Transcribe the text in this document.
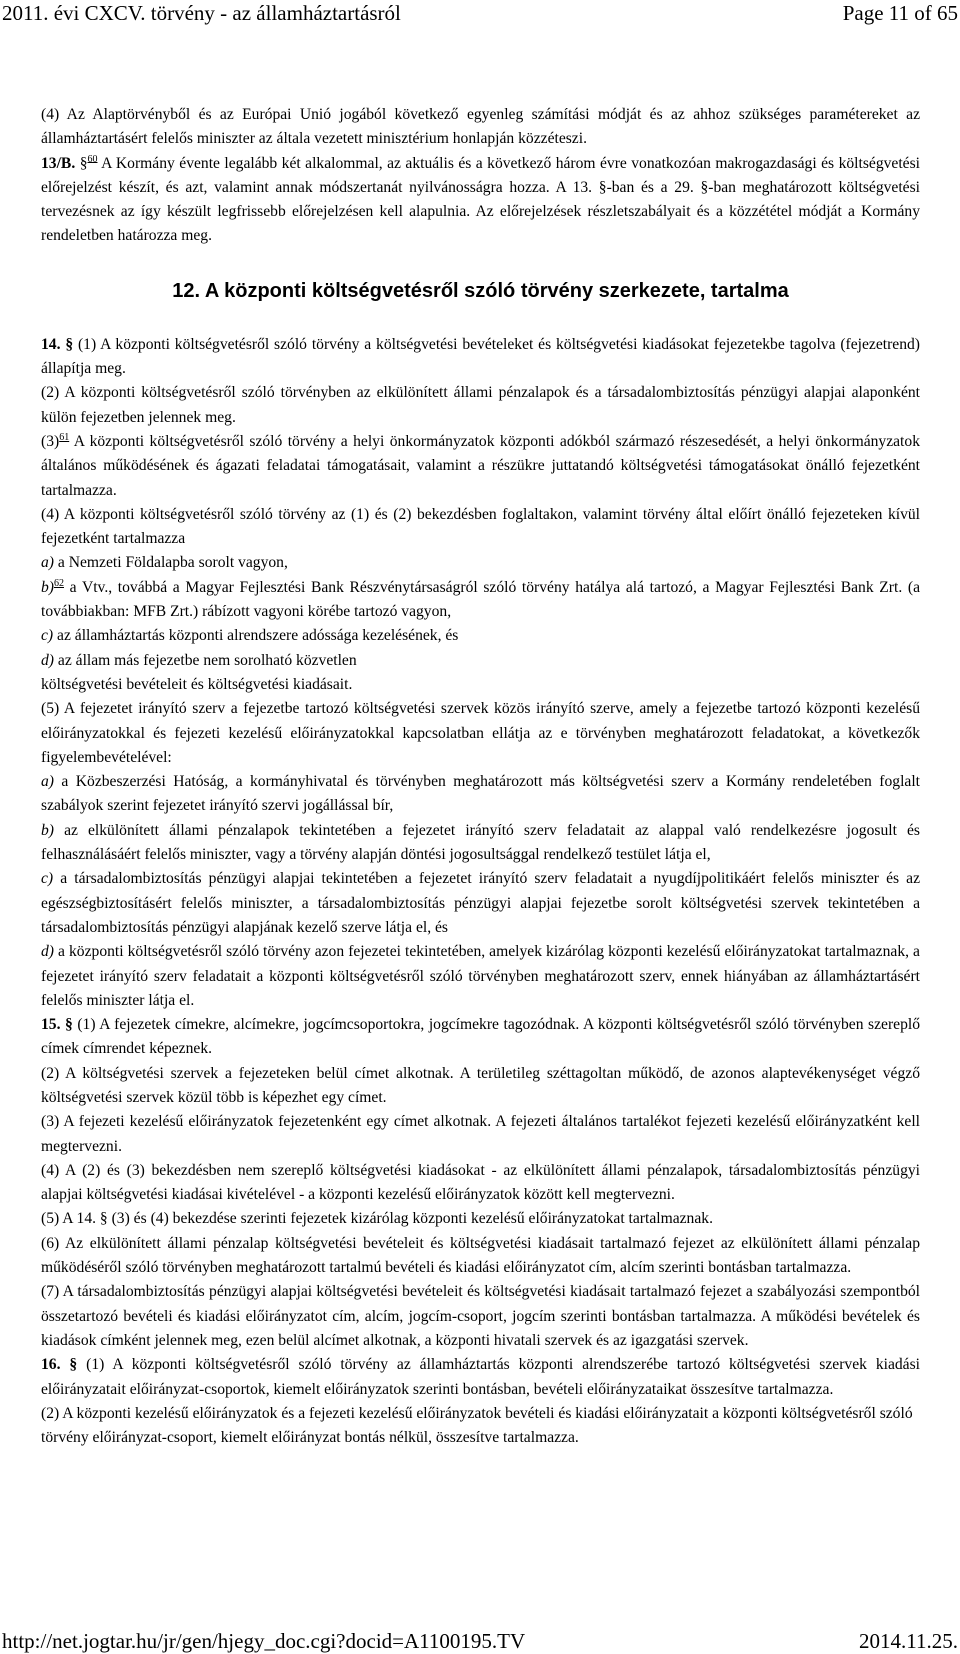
2011. évi CXCV. törvény - az államháztartásról	Page 11 of 65

(4) Az Alaptörvényből és az Európai Unió jogából következő egyenleg számítási módját és az ahhoz szükséges paramétereket az államháztartásért felelős miniszter az általa vezetett minisztérium honlapján közzéteszi.

13/B. §$^{60}$ A Kormány évente legalább két alkalommal, az aktuális és a következő három évre vonatkozóan makrogazdasági és költségvetési előrejelzést készít, és azt, valamint annak módszertanát nyilvánosságra hozza. A 13. §-ban és a 29. §-ban meghatározott költségvetési tervezésnek az így készült legfrissebb előrejelzésen kell alapulnia. Az előrejelzések részletszabályait és a közzététel módját a Kormány rendeletben határozza meg.

12. A központi költségvetésről szóló törvény szerkezete, tartalma

14. § (1) A központi költségvetésről szóló törvény a költségvetési bevételeket és költségvetési kiadásokat fejezetekbe tagolva (fejezetrend) állapítja meg.

(2) A központi költségvetésről szóló törvényben az elkülönített állami pénzalapok és a társadalombiztosítás pénzügyi alapjai alaponként külön fejezetben jelennek meg.

(3)$^{61}$ A központi költségvetésről szóló törvény a helyi önkormányzatok központi adókból származó részesedését, a helyi önkormányzatok általános működésének és ágazati feladatai támogatásait, valamint a részükre juttatandó költségvetési támogatásokat önálló fejezetként tartalmazza.

(4) A központi költségvetésről szóló törvény az (1) és (2) bekezdésben foglaltakon, valamint törvény által előírt önálló fejezeteken kívül fejezetként tartalmazza

a) a Nemzeti Földalapba sorolt vagyon,

b)$^{62}$ a Vtv., továbbá a Magyar Fejlesztési Bank Részvénytársaságról szóló törvény hatálya alá tartozó, a Magyar Fejlesztési Bank Zrt. (a továbbiakban: MFB Zrt.) rábízott vagyoni körébe tartozó vagyon,

c) az államháztartás központi alrendszere adóssága kezelésének, és

d) az állam más fejezetbe nem sorolható közvetlen

költségvetési bevételeit és költségvetési kiadásait.

(5) A fejezetet irányító szerv a fejezetbe tartozó költségvetési szervek közös irányító szerve, amely a fejezetbe tartozó központi kezelésű előirányzatokkal és fejezeti kezelésű előirányzatokkal kapcsolatban ellátja az e törvényben meghatározott feladatokat, a következők figyelembevételével:

a) a Közbeszerzési Hatóság, a kormányhivatal és törvényben meghatározott más költségvetési szerv a Kormány rendeletében foglalt szabályok szerint fejezetet irányító szervi jogállással bír,

b) az elkülönített állami pénzalapok tekintetében a fejezetet irányító szerv feladatait az alappal való rendelkezésre jogosult és felhasználásáért felelős miniszter, vagy a törvény alapján döntési jogosultsággal rendelkező testület látja el,

c) a társadalombiztosítás pénzügyi alapjai tekintetében a fejezetet irányító szerv feladatait a nyugdíjpolitikáért felelős miniszter és az egészségbiztosításért felelős miniszter, a társadalombiztosítás pénzügyi alapjai fejezetbe sorolt költségvetési szervek tekintetében a társadalombiztosítás pénzügyi alapjának kezelő szerve látja el, és

d) a központi költségvetésről szóló törvény azon fejezetei tekintetében, amelyek kizárólag központi kezelésű előirányzatokat tartalmaznak, a fejezetet irányító szerv feladatait a központi költségvetésről szóló törvényben meghatározott szerv, ennek hiányában az államháztartásért felelős miniszter látja el.

15. § (1) A fejezetek címekre, alcímekre, jogcímcsoportokra, jogcímekre tagozódnak. A központi költségvetésről szóló törvényben szereplő címek címrendet képeznek.

(2) A költségvetési szervek a fejezeteken belül címet alkotnak. A területileg széttagoltan működő, de azonos alaptevékenységet végző költségvetési szervek közül több is képezhet egy címet.

(3) A fejezeti kezelésű előirányzatok fejezetenként egy címet alkotnak. A fejezeti általános tartalékot fejezeti kezelésű előirányzatként kell megtervezni.

(4) A (2) és (3) bekezdésben nem szereplő költségvetési kiadásokat - az elkülönített állami pénzalapok, társadalombiztosítás pénzügyi alapjai költségvetési kiadásai kivételével - a központi kezelésű előirányzatok között kell megtervezni.

(5) A 14. § (3) és (4) bekezdése szerinti fejezetek kizárólag központi kezelésű előirányzatokat tartalmaznak.

(6) Az elkülönített állami pénzalap költségvetési bevételeit és költségvetési kiadásait tartalmazó fejezet az elkülönített állami pénzalap működéséről szóló törvényben meghatározott tartalmú bevételi és kiadási előirányzatot cím, alcím szerinti bontásban tartalmazza.

(7) A társadalombiztosítás pénzügyi alapjai költségvetési bevételeit és költségvetési kiadásait tartalmazó fejezet a szabályozási szempontból összetartozó bevételi és kiadási előirányzatot cím, alcím, jogcím-csoport, jogcím szerinti bontásban tartalmazza. A működési bevételek és kiadások címként jelennek meg, ezen belül alcímet alkotnak, a központi hivatali szervek és az igazgatási szervek.

16. § (1) A központi költségvetésről szóló törvény az államháztartás központi alrendszerébe tartozó költségvetési szervek kiadási előirányzatait előirányzat-csoportok, kiemelt előirányzatok szerinti bontásban, bevételi előirányzataikat összesítve tartalmazza.

(2) A központi kezelésű előirányzatok és a fejezeti kezelésű előirányzatok bevételi és kiadási előirányzatait a központi költségvetésről szóló törvény előirányzat-csoport, kiemelt előirányzat bontás nélkül, összesítve tartalmazza.

http://net.jogtar.hu/jr/gen/hjegy_doc.cgi?docid=A1100195.TV	2014.11.25.
